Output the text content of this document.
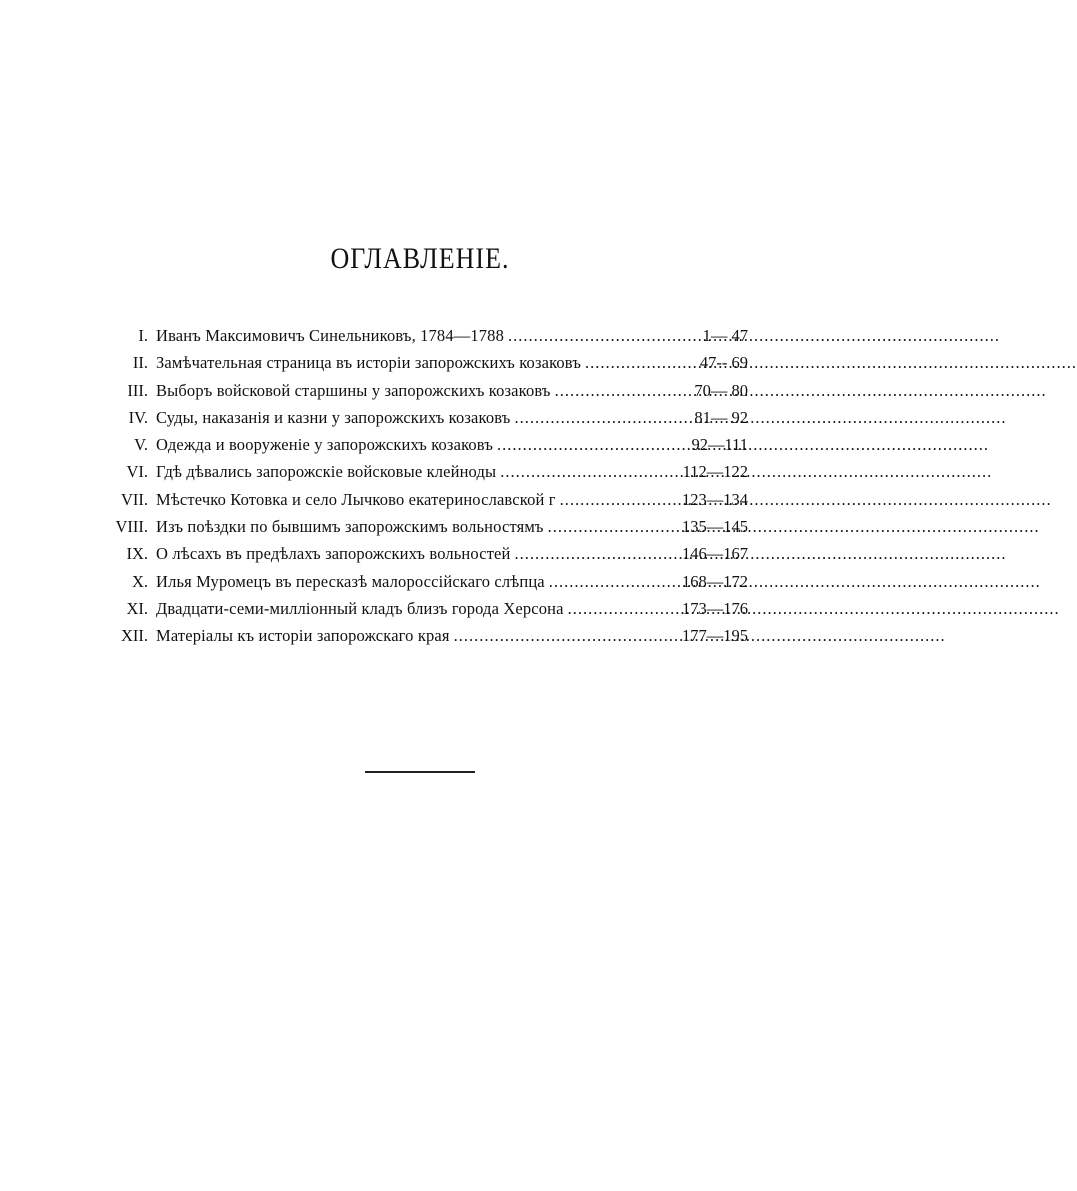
ОГЛАВЛЕНIЕ.
I. Иванъ Максимовичъ Синельниковъ, 1784—1788 .....	1— 47
II. Замѣчательная страница въ исторіи запорожскихъ козаковъ .....	47-- 69
III. Выборъ войсковой старшины у запорожскихъ козаковъ .....	70— 80
IV. Суды, наказанія и казни у запорожскихъ козаковъ .....	81— 92
V. Одежда и вооруженіе у запорожскихъ козаковъ .....	92—111
VI. Гдѣ дѣвались запорожскіе войсковые клейноды .....	112—122
VII. Мѣстечко Котовка и село Лычково екатеринославской г .....	123—134
VIII. Изъ поѣздки по бывшимъ запорожскимъ вольностямъ .....	135—145
IX. О лѣсахъ въ предѣлахъ запорожскихъ вольностей .....	146—167
X. Илья Муромецъ въ пересказѣ малороссійскаго слѣпца .....	168—172
XI. Двадцати-семи-милліонный кладъ близъ города Херсона .....	173—176
XII. Матеріалы къ исторіи запорожскаго края .....	177—195
